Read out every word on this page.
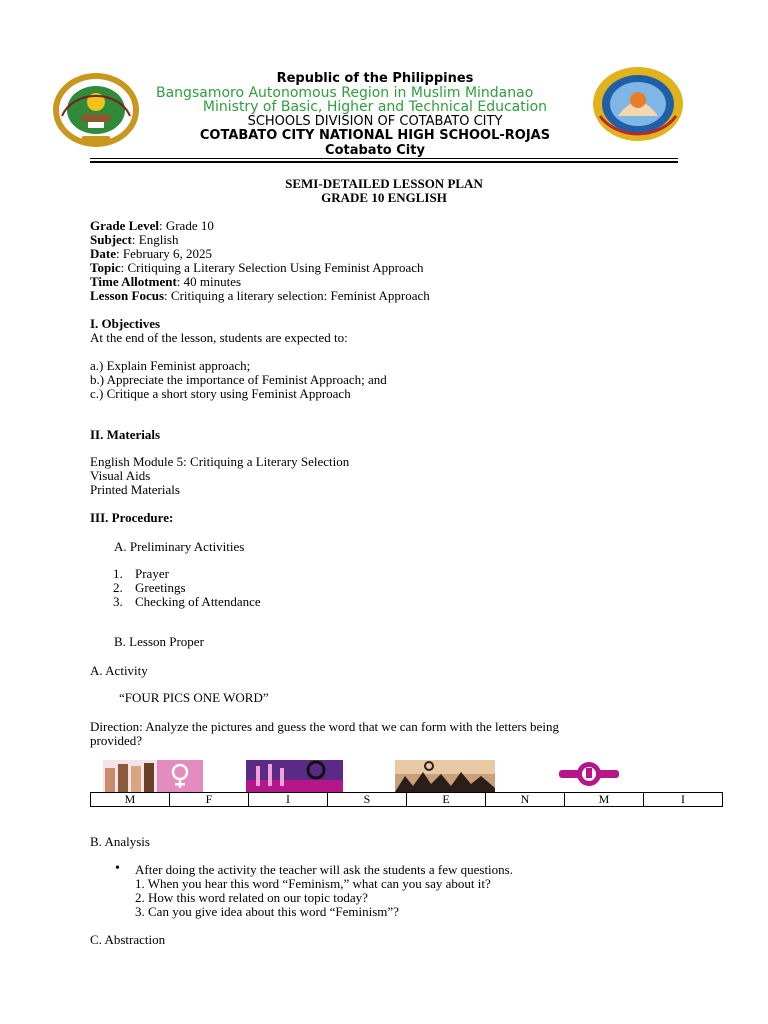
Republic of the Philippines
Bangsamoro Autonomous Region in Muslim Mindanao
Ministry of Basic, Higher and Technical Education
SCHOOLS DIVISION OF COTABATO CITY
COTABATO CITY NATIONAL HIGH SCHOOL-ROJAS
Cotabato City
SEMI-DETAILED LESSON PLAN
GRADE 10 ENGLISH
Grade Level: Grade 10
Subject: English
Date: February 6, 2025
Topic: Critiquing a Literary Selection Using Feminist Approach
Time Allotment: 40 minutes
Lesson Focus: Critiquing a literary selection: Feminist Approach
I. Objectives
At the end of the lesson, students are expected to:
a.) Explain Feminist approach;
b.) Appreciate the importance of Feminist Approach; and
c.) Critique a short story using Feminist Approach
II. Materials
English Module 5: Critiquing a Literary Selection
Visual Aids
Printed Materials
III. Procedure:
A. Preliminary Activities
1. Prayer
2. Greetings
3. Checking of Attendance
B. Lesson Proper
A. Activity
“FOUR PICS ONE WORD”
Direction: Analyze the pictures and guess the word that we can form with the letters being
provided?
M	F	I	S	E	N	M	I
B. Analysis
• After doing the activity the teacher will ask the students a few questions.
1. When you hear this word “Feminism,” what can you say about it?
2. How this word related on our topic today?
3. Can you give idea about this word “Feminism”?
C. Abstraction
